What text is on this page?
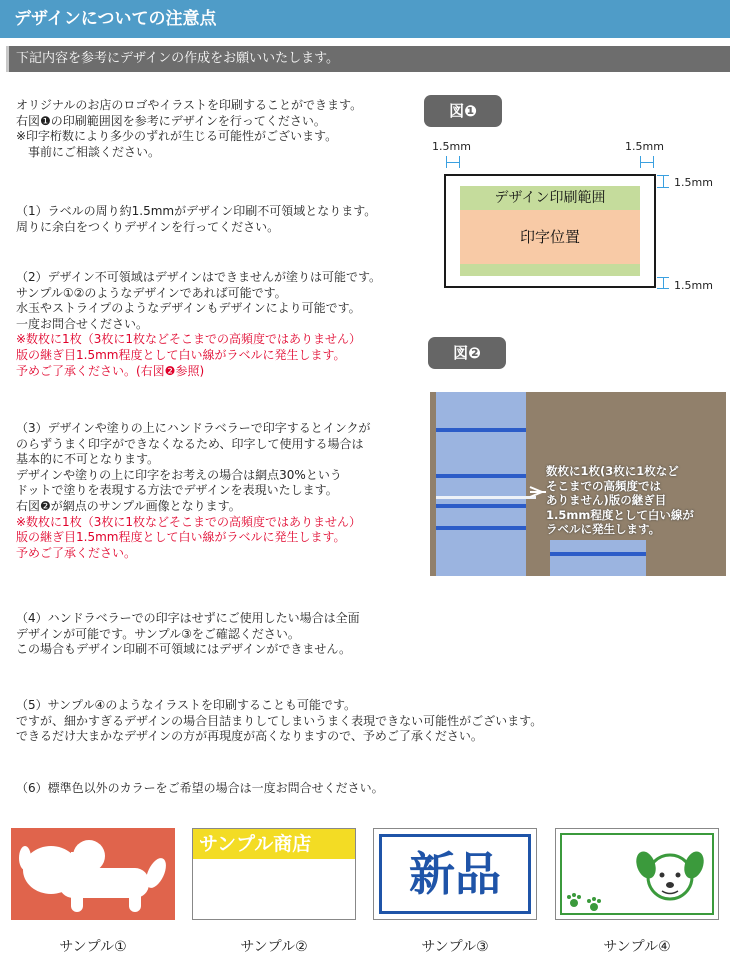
デザインについての注意点
下記内容を参考にデザインの作成をお願いいたします。
オリジナルのお店のロゴやイラストを印刷することができます。
右図❶の印刷範囲図を参考にデザインを行ってください。
※印字桁数により多少のずれが生じる可能性がございます。
　事前にご相談ください。
（1）ラベルの周り約1.5mmがデザイン印刷不可領域となります。
周りに余白をつくりデザインを行ってください。
（2）デザイン不可領域はデザインはできませんが塗りは可能です。
サンプル①②のようなデザインであれば可能です。
水玉やストライプのようなデザインもデザインにより可能です。
一度お問合せください。
※数枚に1枚（3枚に1枚などそこまでの高頻度ではありません）
版の継ぎ目1.5mm程度として白い線がラベルに発生します。
予めご了承ください。(右図❷参照)
（3）デザインや塗りの上にハンドラベラーで印字するとインクが
のらずうまく印字ができなくなるため、印字して使用する場合は
基本的に不可となります。
デザインや塗りの上に印字をお考えの場合は網点30%という
ドットで塗りを表現する方法でデザインを表現いたします。
右図❷が網点のサンプル画像となります。
※数枚に1枚（3枚に1枚などそこまでの高頻度ではありません）
版の継ぎ目1.5mm程度として白い線がラベルに発生します。
予めご了承ください。
（4）ハンドラベラーでの印字はせずにご使用したい場合は全面
デザインが可能です。サンプル③をご確認ください。
この場合もデザイン印刷不可領域にはデザインができません。
（5）サンプル④のようなイラストを印刷することも可能です。
ですが、細かすぎるデザインの場合目詰まりしてしまいうまく表現できない可能性がございます。
できるだけ大まかなデザインの方が再現度が高くなりますので、予めご了承ください。
（6）標準色以外のカラーをご希望の場合は一度お問合せください。
図❶
1.5mm	1.5mm
1.5mm
1.5mm
デザイン印刷範囲
印字位置
図❷
数枚に1枚(3枚に1枚など
そこまでの高頻度では
ありません)版の継ぎ目
1.5mm程度として白い線が
ラベルに発生します。
サンプル商店
新品
サンプル①	サンプル②	サンプル③	サンプル④
